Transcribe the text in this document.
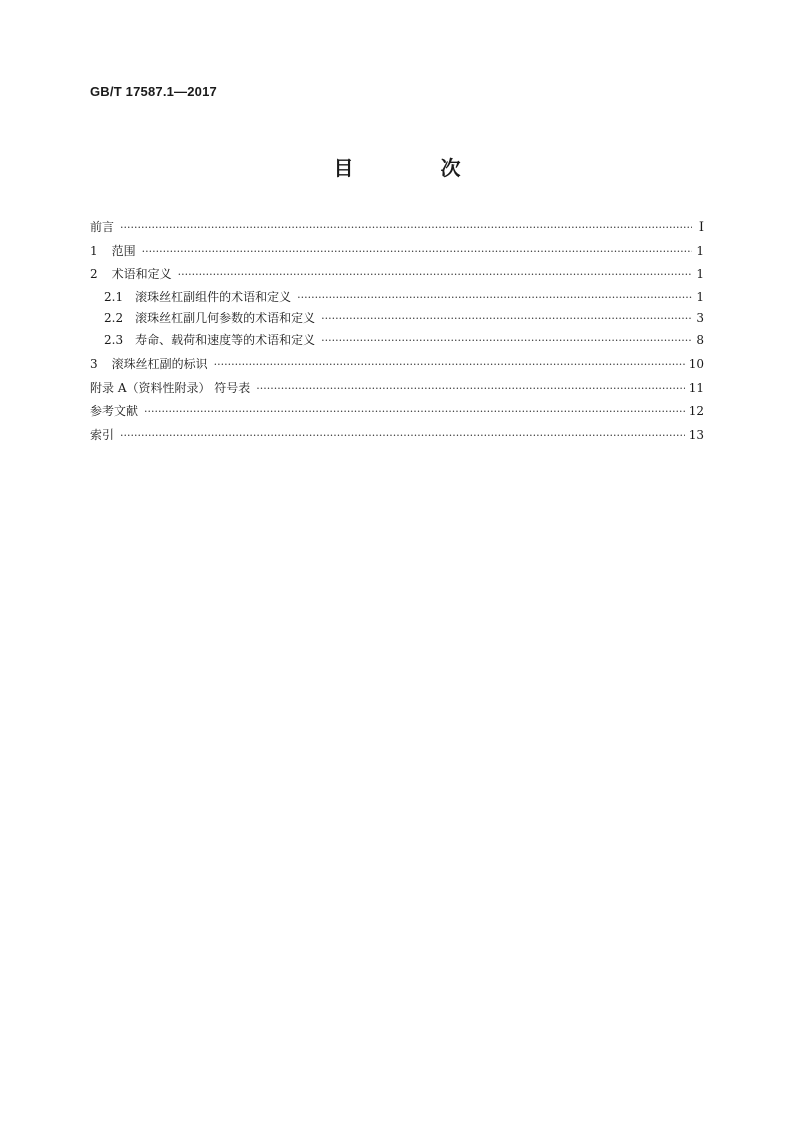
GB/T 17587.1—2017
目 次
前言 ·····	Ⅰ
1 范围 ·····	1
2 术语和定义 ·····	1
2.1 滚珠丝杠副组件的术语和定义 ·····	1
2.2 滚珠丝杠副几何参数的术语和定义 ·····	3
2.3 寿命、载荷和速度等的术语和定义 ·····	8
3 滚珠丝杠副的标识 ·····	10
附录 A（资料性附录） 符号表 ·····	11
参考文献 ·····	12
索引 ·····	13
